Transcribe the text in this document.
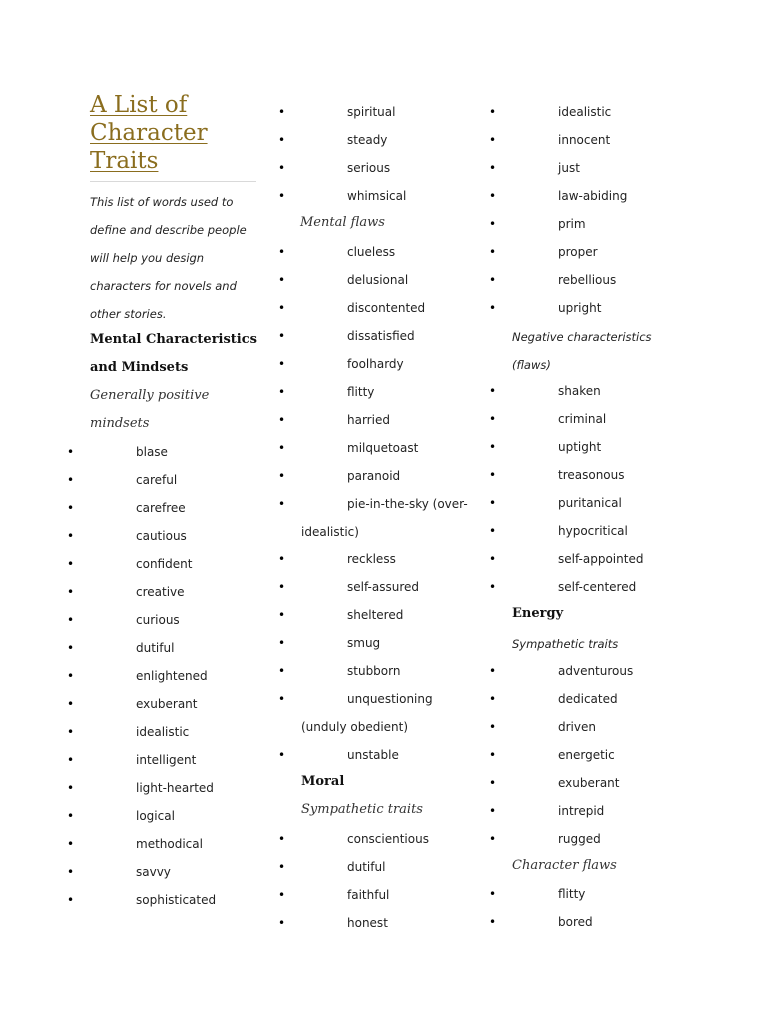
A List of Character Traits

This list of words used to define and describe people will help you design characters for novels and other stories.

Mental Characteristics and Mindsets

Generally positive mindsets

•	blase
•	careful
•	carefree
•	cautious
•	confident
•	creative
•	curious
•	dutiful
•	enlightened
•	exuberant
•	idealistic
•	intelligent
•	light-hearted
•	logical
•	methodical
•	savvy
•	sophisticated
•	spiritual
•	steady
•	serious
•	whimsical

Mental flaws

•	clueless
•	delusional
•	discontented
•	dissatisfied
•	foolhardy
•	flitty
•	harried
•	milquetoast
•	paranoid
•	pie-in-the-sky (over-

idealistic)

•	reckless
•	self-assured
•	sheltered
•	smug
•	stubborn
•	unquestioning

(unduly obedient)

•	unstable

Moral

Sympathetic traits

•	conscientious
•	dutiful
•	faithful
•	honest
•	idealistic
•	innocent
•	just
•	law-abiding
•	prim
•	proper
•	rebellious
•	upright

Negative characteristics

(flaws)

•	shaken
•	criminal
•	uptight
•	treasonous
•	puritanical
•	hypocritical
•	self-appointed
•	self-centered

Energy

Sympathetic traits

•	adventurous
•	dedicated
•	driven
•	energetic
•	exuberant
•	intrepid
•	rugged

Character flaws

•	flitty
•	bored
